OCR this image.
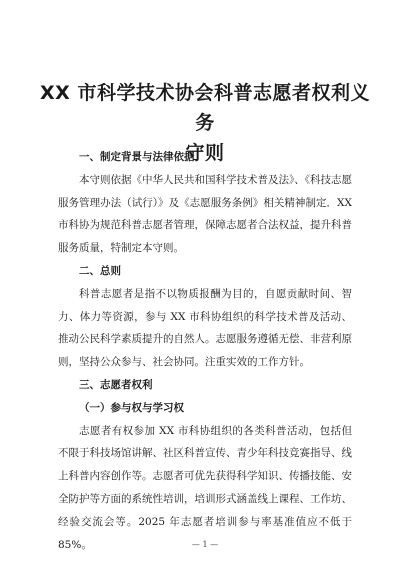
XX 市科学技术协会科普志愿者权利义务
守则
一、制定背景与法律依据

本守则依据《中华人民共和国科学技术普及法》、《科技志愿服务管理办法（试行）》及《志愿服务条例》相关精神制定．XX 市科协为规范科普志愿者管理，保障志愿者合法权益，提升科普服务质量，特制定本守则。

二、总则

科普志愿者是指不以物质报酬为目的，自愿贡献时间、智力、体力等资源，参与 XX 市科协组织的科学技术普及活动、推动公民科学素质提升的自然人。志愿服务遵循无偿、非营利原则，坚持公众参与、社会协同。注重实效的工作方针。

三、志愿者权利
（一）参与权与学习权

志愿者有权参加 XX 市科协组织的各类科普活动，包括但不限于科技场馆讲解、社区科普宣传、青少年科技竞赛指导、线上科普内容创作等。志愿者可优先获得科学知识、传播技能、安全防护等方面的系统性培训，培训形式涵盖线上课程、工作坊、经验交流会等。2025 年志愿者培训参与率基准值应不低于 85%。	— 1 —
